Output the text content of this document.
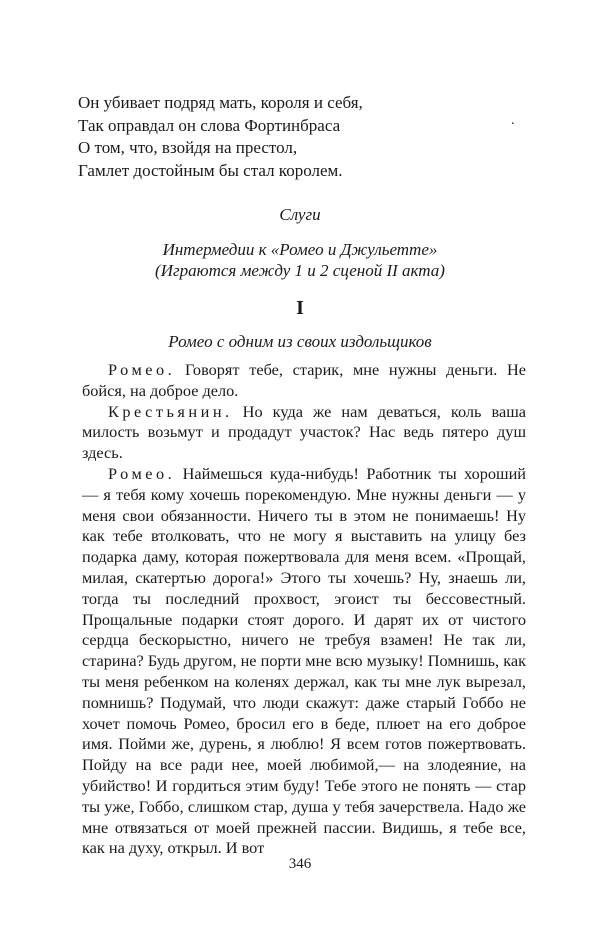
Он убивает подряд мать, короля и себя,
Так оправдал он слова Фортинбраса
О том, что, взойдя на престол,
Гамлет достойным бы стал королем.
.
Слуги
Интермедии к «Ромео и Джульетте»
(Играются между 1 и 2 сценой II акта)
I
Ромео с одним из своих издольщиков

Ромео. Говорят тебе, старик, мне нужны деньги. Не бойся, на доброе дело.

Крестьянин. Но куда же нам деваться, коль ваша милость возьмут и продадут участок? Нас ведь пятеро душ здесь.

Ромео. Наймешься куда-нибудь! Работник ты хороший — я тебя кому хочешь порекомендую. Мне нужны деньги — у меня свои обязанности. Ничего ты в этом не понимаешь! Ну как тебе втолковать, что не могу я выставить на улицу без подарка даму, которая пожертвовала для меня всем. «Прощай, милая, скатертью дорога!» Этого ты хочешь? Ну, знаешь ли, тогда ты последний прохвост, эгоист ты бессовестный. Прощальные подарки стоят дорого. И дарят их от чистого сердца бескорыстно, ничего не требуя взамен! Не так ли, старина? Будь другом, не порти мне всю музыку! Помнишь, как ты меня ребенком на коленях держал, как ты мне лук вырезал, помнишь? Подумай, что люди скажут: даже старый Гоббо не хочет помочь Ромео, бросил его в беде, плюет на его доброе имя. Пойми же, дурень, я люблю! Я всем готов пожертвовать. Пойду на все ради нее, моей любимой,— на злодеяние, на убийство! И гордиться этим буду! Тебе этого не понять — стар ты уже, Гоббо, слишком стар, душа у тебя зачерствела. Надо же мне отвязаться от моей прежней пассии. Видишь, я тебе все, как на духу, открыл. И вот

346
